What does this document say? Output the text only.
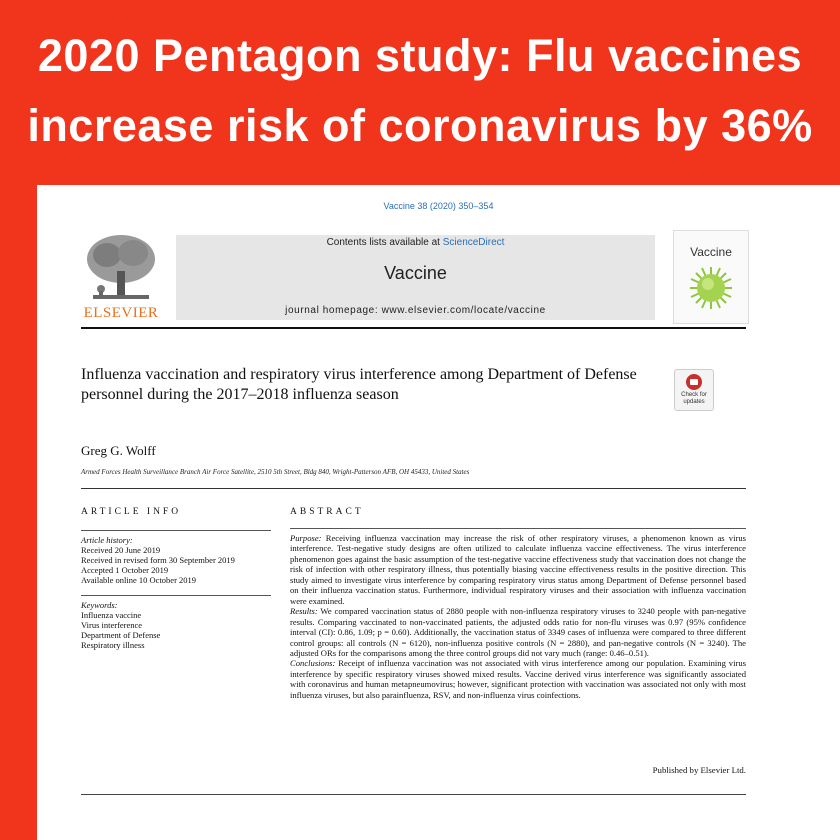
2020 Pentagon study: Flu vaccines
increase risk of coronavirus by 36%
Vaccine 38 (2020) 350–354
ELSEVIER
Contents lists available at ScienceDirect
Vaccine
journal homepage: www.elsevier.com/locate/vaccine
Vaccine
Influenza vaccination and respiratory virus interference among Department of Defense personnel during the 2017–2018 influenza season	Check for updates
Greg G. Wolff
Armed Forces Health Surveillance Branch Air Force Satellite, 2510 5th Street, Bldg 840, Wright-Patterson AFB, OH 45433, United States
ARTICLE INFO	ABSTRACT
Article history:
Received 20 June 2019
Received in revised form 30 September 2019
Accepted 1 October 2019
Available online 10 October 2019
Keywords:
Influenza vaccine
Virus interference
Department of Defense
Respiratory illness

Purpose: Receiving influenza vaccination may increase the risk of other respiratory viruses, a phenomenon known as virus interference. Test-negative study designs are often utilized to calculate influenza vaccine effectiveness. The virus interference phenomenon goes against the basic assumption of the test-negative vaccine effectiveness study that vaccination does not change the risk of infection with other respiratory illness, thus potentially biasing vaccine effectiveness results in the positive direction. This study aimed to investigate virus interference by comparing respiratory virus status among Department of Defense personnel based on their influenza vaccination status. Furthermore, individual respiratory viruses and their association with influenza vaccination were examined.
Results: We compared vaccination status of 2880 people with non-influenza respiratory viruses to 3240 people with pan-negative results. Comparing vaccinated to non-vaccinated patients, the adjusted odds ratio for non-flu viruses was 0.97 (95% confidence interval (CI): 0.86, 1.09; p = 0.60). Additionally, the vaccination status of 3349 cases of influenza were compared to three different control groups: all controls (N = 6120), non-influenza positive controls (N = 2880), and pan-negative controls (N = 3240). The adjusted ORs for the comparisons among the three control groups did not vary much (range: 0.46–0.51).
Conclusions: Receipt of influenza vaccination was not associated with virus interference among our population. Examining virus interference by specific respiratory viruses showed mixed results. Vaccine derived virus interference was significantly associated with coronavirus and human metapneumovirus; however, significant protection with vaccination was associated not only with most influenza viruses, but also parainfluenza, RSV, and non-influenza virus coinfections.

Published by Elsevier Ltd.
